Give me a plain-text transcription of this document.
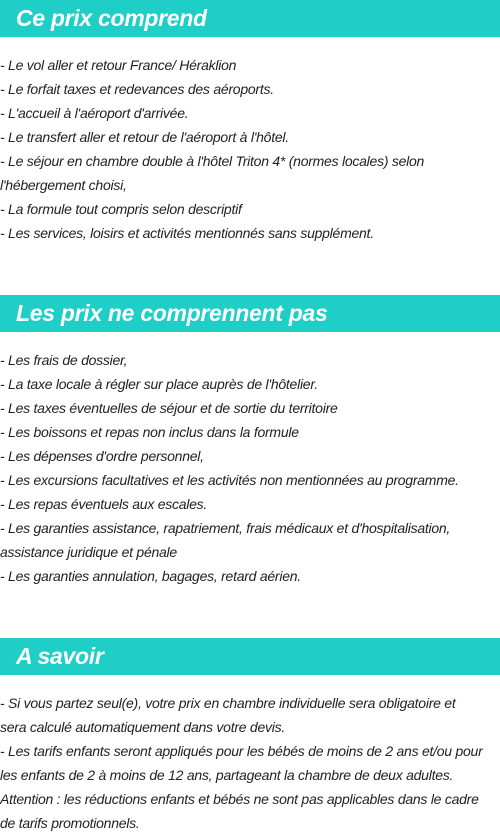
Ce prix comprend
- Le vol aller et retour France/ Héraklion
- Le forfait taxes et redevances des aéroports.
- L'accueil à l'aéroport d'arrivée.
- Le transfert aller et retour de l'aéroport à l'hôtel.
- Le séjour en chambre double à l'hôtel Triton 4* (normes locales) selon
l'hébergement choisi,
- La formule tout compris selon descriptif
- Les services, loisirs et activités mentionnés sans supplément.
Les prix ne comprennent pas
- Les frais de dossier,
- La taxe locale à régler sur place auprès de l'hôtelier.
- Les taxes éventuelles de séjour et de sortie du territoire
- Les boissons et repas non inclus dans la formule
- Les dépenses d'ordre personnel,
- Les excursions facultatives et les activités non mentionnées au programme.
- Les repas éventuels aux escales.
- Les garanties assistance, rapatriement, frais médicaux et d'hospitalisation,
assistance juridique et pénale
- Les garanties annulation, bagages, retard aérien.
A savoir
- Si vous partez seul(e), votre prix en chambre individuelle sera obligatoire et
sera calculé automatiquement dans votre devis.
- Les tarifs enfants seront appliqués pour les bébés de moins de 2 ans et/ou pour
les enfants de 2 à moins de 12 ans, partageant la chambre de deux adultes.
Attention : les réductions enfants et bébés ne sont pas applicables dans le cadre
de tarifs promotionnels.
